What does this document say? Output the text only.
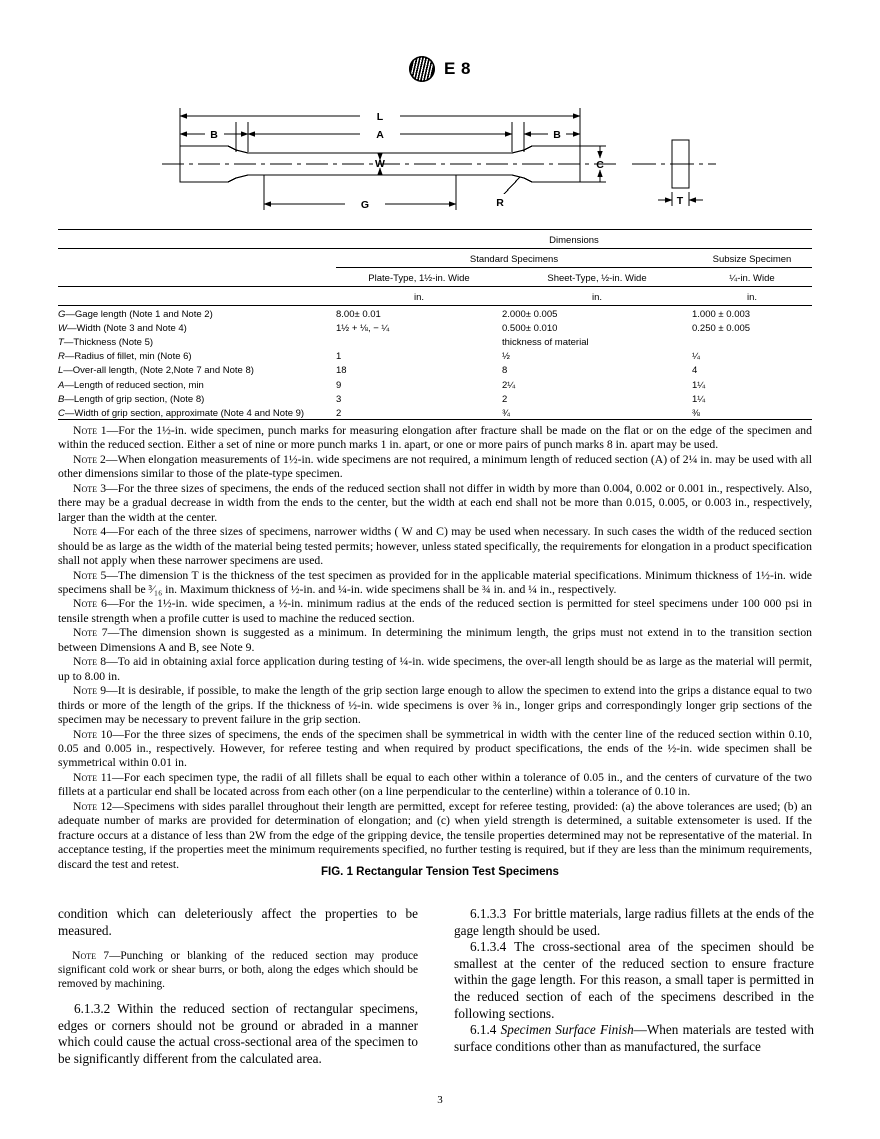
E 8
L
B	A	B
W	C
G	R	T
	Dimensions		
	Standard Specimens		Subsize Specimen
	Plate-Type, 1½-in. Wide	Sheet-Type, ½-in. Wide	¼-in. Wide
	in.	in.	in.
G—Gage length (Note 1 and Note 2)	8.00± 0.01	2.000± 0.005	1.000 ± 0.003
W—Width (Note 3 and Note 4)	1½ + ⅛, − ¼	0.500± 0.010	0.250 ± 0.005
T—Thickness (Note 5)		thickness of material	
R—Radius of fillet, min (Note 6)	1	½	¼
L—Over-all length, (Note 2,Note 7 and Note 8)	18	8	4
A—Length of reduced section, min	9	2¼	1¼
B—Length of grip section, (Note 8)	3	2	1¼
C—Width of grip section, approximate (Note 4 and Note 9)	2	¾	⅜

Note 1—For the 1½-in. wide specimen, punch marks for measuring elongation after fracture shall be made on the flat or on the edge of the specimen and within the reduced section. Either a set of nine or more punch marks 1 in. apart, or one or more pairs of punch marks 8 in. apart may be used.

Note 2—When elongation measurements of 1½-in. wide specimens are not required, a minimum length of reduced section (A) of 2¼ in. may be used with all other dimensions similar to those of the plate-type specimen.

Note 3—For the three sizes of specimens, the ends of the reduced section shall not differ in width by more than 0.004, 0.002 or 0.001 in., respectively. Also, there may be a gradual decrease in width from the ends to the center, but the width at each end shall not be more than 0.015, 0.005, or 0.003 in., respectively, larger than the width at the center.

Note 4—For each of the three sizes of specimens, narrower widths ( W and C) may be used when necessary. In such cases the width of the reduced section should be as large as the width of the material being tested permits; however, unless stated specifically, the requirements for elongation in a product specification shall not apply when these narrower specimens are used.

Note 5—The dimension T is the thickness of the test specimen as provided for in the applicable material specifications. Minimum thickness of 1½-in. wide specimens shall be ³⁄₁₆ in. Maximum thickness of ½-in. and ¼-in. wide specimens shall be ¾ in. and ¼ in., respectively.

Note 6—For the 1½-in. wide specimen, a ½-in. minimum radius at the ends of the reduced section is permitted for steel specimens under 100 000 psi in tensile strength when a profile cutter is used to machine the reduced section.

Note 7—The dimension shown is suggested as a minimum. In determining the minimum length, the grips must not extend in to the transition section between Dimensions A and B, see Note 9.

Note 8—To aid in obtaining axial force application during testing of ¼-in. wide specimens, the over-all length should be as large as the material will permit, up to 8.00 in.

Note 9—It is desirable, if possible, to make the length of the grip section large enough to allow the specimen to extend into the grips a distance equal to two thirds or more of the length of the grips. If the thickness of ½-in. wide specimens is over ⅜ in., longer grips and correspondingly longer grip sections of the specimen may be necessary to prevent failure in the grip section.

Note 10—For the three sizes of specimens, the ends of the specimen shall be symmetrical in width with the center line of the reduced section within 0.10, 0.05 and 0.005 in., respectively. However, for referee testing and when required by product specifications, the ends of the ½-in. wide specimen shall be symmetrical within 0.01 in.

Note 11—For each specimen type, the radii of all fillets shall be equal to each other within a tolerance of 0.05 in., and the centers of curvature of the two fillets at a particular end shall be located across from each other (on a line perpendicular to the centerline) within a tolerance of 0.10 in.

Note 12—Specimens with sides parallel throughout their length are permitted, except for referee testing, provided: (a) the above tolerances are used; (b) an adequate number of marks are provided for determination of elongation; and (c) when yield strength is determined, a suitable extensometer is used. If the fracture occurs at a distance of less than 2W from the edge of the gripping device, the tensile properties determined may not be representative of the material. In acceptance testing, if the properties meet the minimum requirements specified, no further testing is required, but if they are less than the minimum requirements, discard the test and retest.

FIG. 1 Rectangular Tension Test Specimens

condition which can deleteriously affect the properties to be measured.

Note 7—Punching or blanking of the reduced section may produce significant cold work or shear burrs, or both, along the edges which should be removed by machining.

6.1.3.2 Within the reduced section of rectangular specimens, edges or corners should not be ground or abraded in a manner which could cause the actual cross-sectional area of the specimen to be significantly different from the calculated area.

6.1.3.3 For brittle materials, large radius fillets at the ends of the gage length should be used.

6.1.3.4 The cross-sectional area of the specimen should be smallest at the center of the reduced section to ensure fracture within the gage length. For this reason, a small taper is permitted in the reduced section of each of the specimens described in the following sections.

6.1.4 Specimen Surface Finish—When materials are tested with surface conditions other than as manufactured, the surface

3
